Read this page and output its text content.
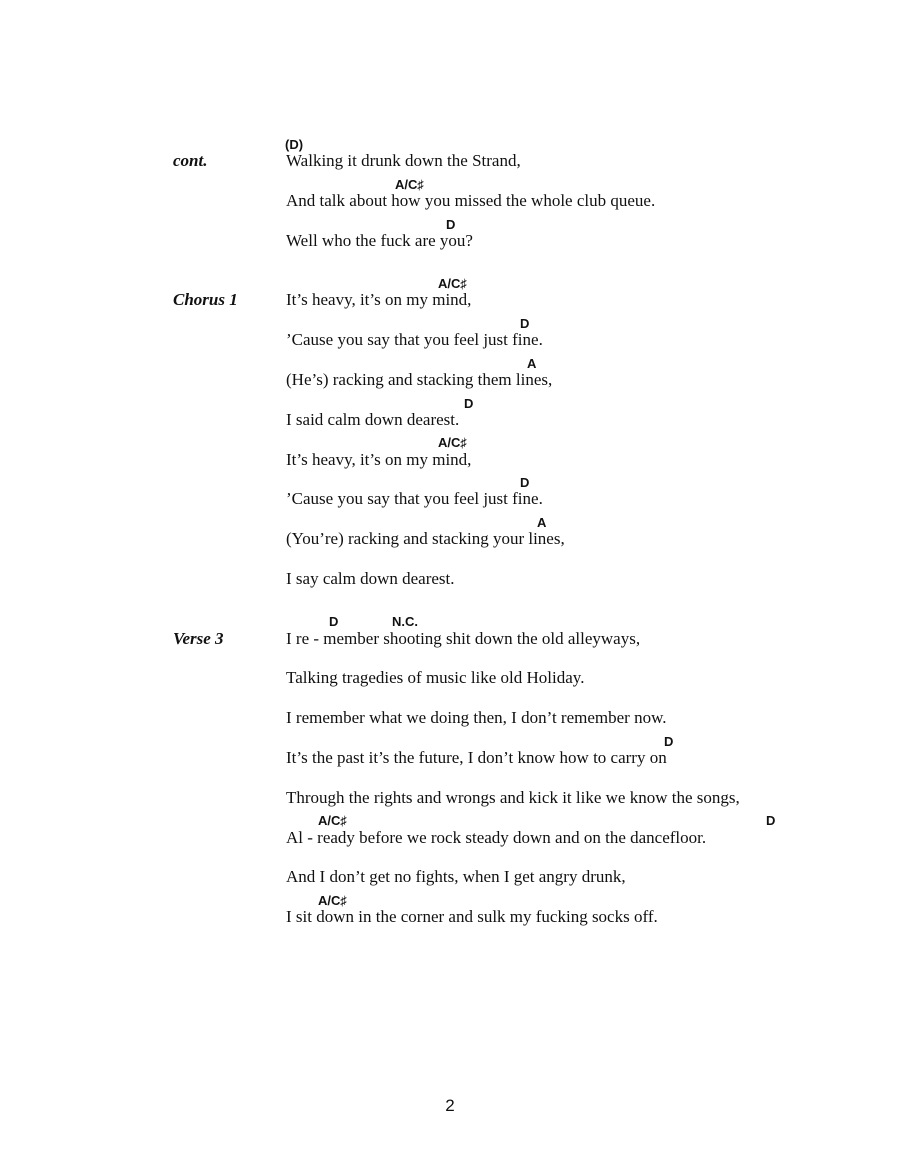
cont.
Chorus 1
Verse 3
(D)
A/C♯
D
A/C♯
D
A
D
A/C♯
D
A
D	N.C.
D
A/C♯	D
A/C♯
Walking it drunk down the Strand,
And talk about how you missed the whole club queue.
Well who the fuck are you?
It’s heavy, it’s on my mind,
’Cause you say that you feel just fine.
(He’s) racking and stacking them lines,
I said calm down dearest.
It’s heavy, it’s on my mind,
’Cause you say that you feel just fine.
(You’re) racking and stacking your lines,
I say calm down dearest.
I re - member shooting shit down the old alleyways,
Talking tragedies of music like old Holiday.
I remember what we doing then, I don’t remember now.
It’s the past it’s the future, I don’t know how to carry on
Through the rights and wrongs and kick it like we know the songs,
Al - ready before we rock steady down and on the dancefloor.
And I don’t get no fights, when I get angry drunk,
I sit down in the corner and sulk my fucking socks off.
2
